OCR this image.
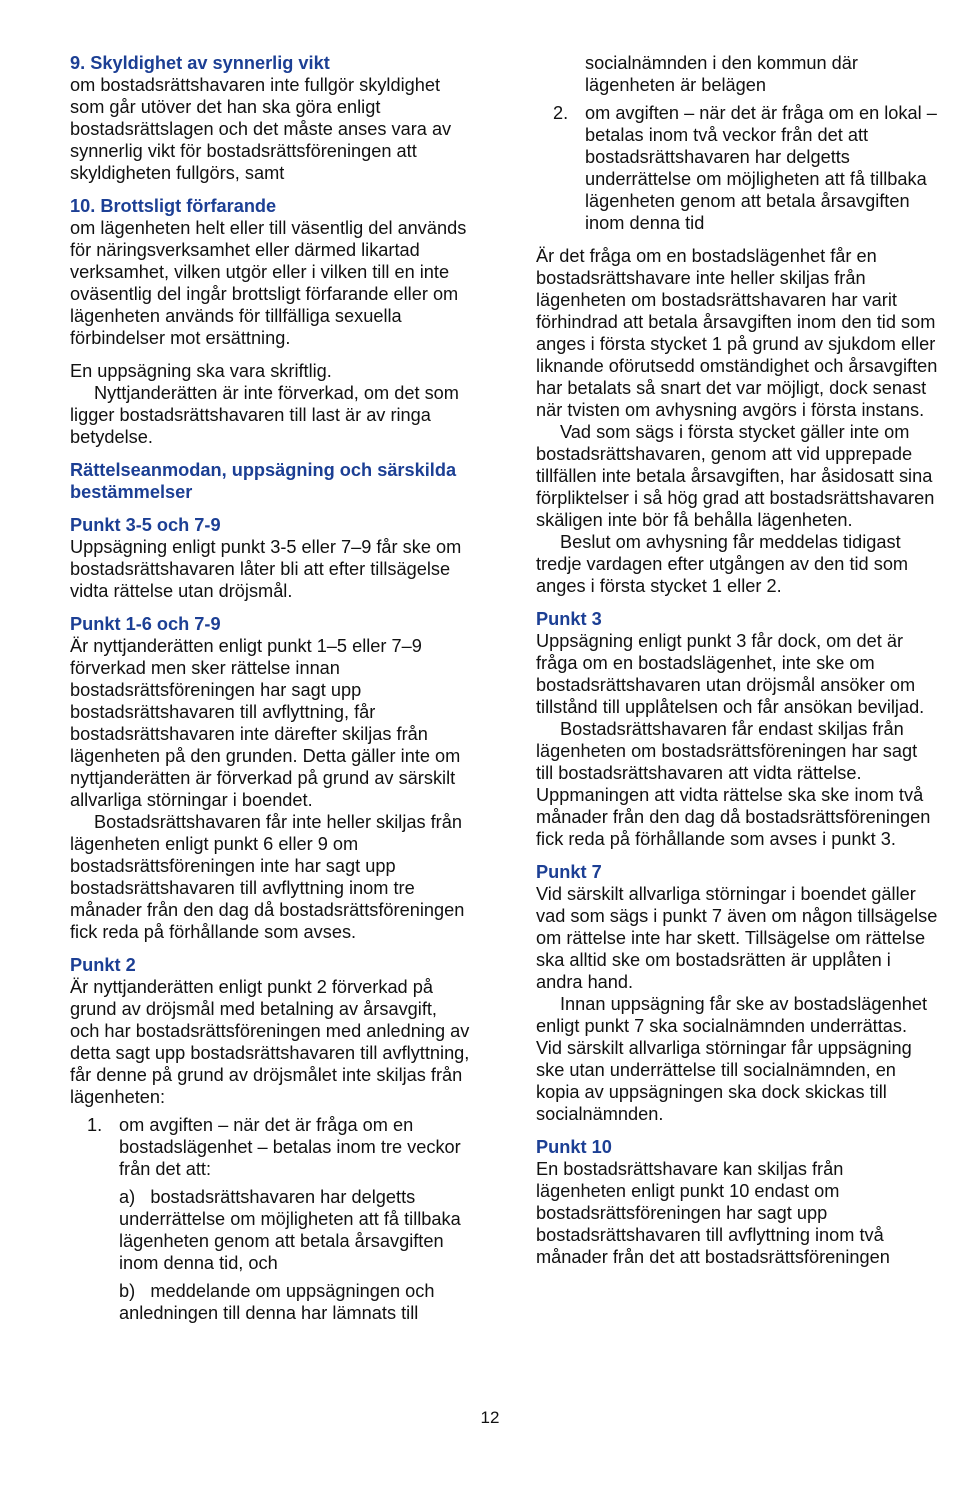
9. Skyldighet av synnerlig vikt

om bostadsrättshavaren inte fullgör skyldighet som går utöver det han ska göra enligt bostadsrättslagen och det måste anses vara av synnerlig vikt för bostadsrättsföreningen att skyldigheten fullgörs, samt

10. Brottsligt förfarande

om lägenheten helt eller till väsentlig del används för näringsverksamhet eller därmed likartad verksamhet, vilken utgör eller i vilken till en inte oväsentlig del ingår brottsligt förfarande eller om lägenheten används för tillfälliga sexuella förbindelser mot ersättning.

En uppsägning ska vara skriftlig.

Nyttjanderätten är inte förverkad, om det som ligger bostadsrättshavaren till last är av ringa betydelse.

Rättelseanmodan, uppsägning och särskilda bestämmelser

Punkt 3-5 och 7-9

Uppsägning enligt punkt 3-5 eller 7–9 får ske om bostadsrättshavaren låter bli att efter tillsägelse vidta rättelse utan dröjsmål.

Punkt 1-6 och 7-9

Är nyttjanderätten enligt punkt 1–5 eller 7–9 förverkad men sker rättelse innan bostadsrättsföreningen har sagt upp bostadsrättshavaren till avflyttning, får bostadsrättshavaren inte därefter skiljas från lägenheten på den grunden. Detta gäller inte om nyttjanderätten är förverkad på grund av särskilt allvarliga störningar i boendet.

Bostadsrättshavaren får inte heller skiljas från lägenheten enligt punkt 6 eller 9 om bostadsrättsföreningen inte har sagt upp bostadsrättshavaren till avflyttning inom tre månader från den dag då bostadsrättsföreningen fick reda på förhållande som avses.

Punkt 2

Är nyttjanderätten enligt punkt 2 förverkad på grund av dröjsmål med betalning av årsavgift, och har bostadsrättsföreningen med anledning av detta sagt upp bostadsrättshavaren till avflyttning, får denne på grund av dröjsmålet inte skiljas från lägenheten:

1. om avgiften – när det är fråga om en bostadslägenhet – betalas inom tre veckor från det att:

a)   bostadsrättshavaren har delgetts underrättelse om möjligheten att få tillbaka lägenheten genom att betala årsavgiften inom denna tid, och

b)   meddelande om uppsägningen och anledningen till denna har lämnats till

socialnämnden i den kommun där lägenheten är belägen

2. om avgiften – när det är fråga om en lokal – betalas inom två veckor från det att bostadsrättshavaren har delgetts underrättelse om möjligheten att få tillbaka lägenheten genom att betala årsavgiften inom denna tid

Är det fråga om en bostadslägenhet får en bostadsrättshavare inte heller skiljas från lägenheten om bostadsrättshavaren har varit förhindrad att betala årsavgiften inom den tid som anges i första stycket 1 på grund av sjukdom eller liknande oförutsedd omständighet och årsavgiften har betalats så snart det var möjligt, dock senast när tvisten om avhysning avgörs i första instans.

Vad som sägs i första stycket gäller inte om bostadsrättshavaren, genom att vid upprepade tillfällen inte betala årsavgiften, har åsidosatt sina förpliktelser i så hög grad att bostadsrättshavaren skäligen inte bör få behålla lägenheten.

Beslut om avhysning får meddelas tidigast tredje vardagen efter utgången av den tid som anges i första stycket 1 eller 2.

Punkt 3

Uppsägning enligt punkt 3 får dock, om det är fråga om en bostadslägenhet, inte ske om bostadsrättshavaren utan dröjsmål ansöker om tillstånd till upplåtelsen och får ansökan beviljad.

Bostadsrättshavaren får endast skiljas från lägenheten om bostadsrättsföreningen har sagt till bostadsrättshavaren att vidta rättelse. Uppmaningen att vidta rättelse ska ske inom två månader från den dag då bostadsrättsföreningen fick reda på förhållande som avses i punkt 3.

Punkt 7

Vid särskilt allvarliga störningar i boendet gäller vad som sägs i punkt 7 även om någon tillsägelse om rättelse inte har skett. Tillsägelse om rättelse ska alltid ske om bostadsrätten är upplåten i andra hand.

Innan uppsägning får ske av bostadslägenhet enligt punkt 7 ska socialnämnden underrättas. Vid särskilt allvarliga störningar får uppsägning ske utan underrättelse till socialnämnden, en kopia av uppsägningen ska dock skickas till socialnämnden.

Punkt 10

En bostadsrättshavare kan skiljas från lägenheten enligt punkt 10 endast om bostadsrättsföreningen har sagt upp bostadsrättshavaren till avflyttning inom två månader från det att bostadsrättsföreningen

12
